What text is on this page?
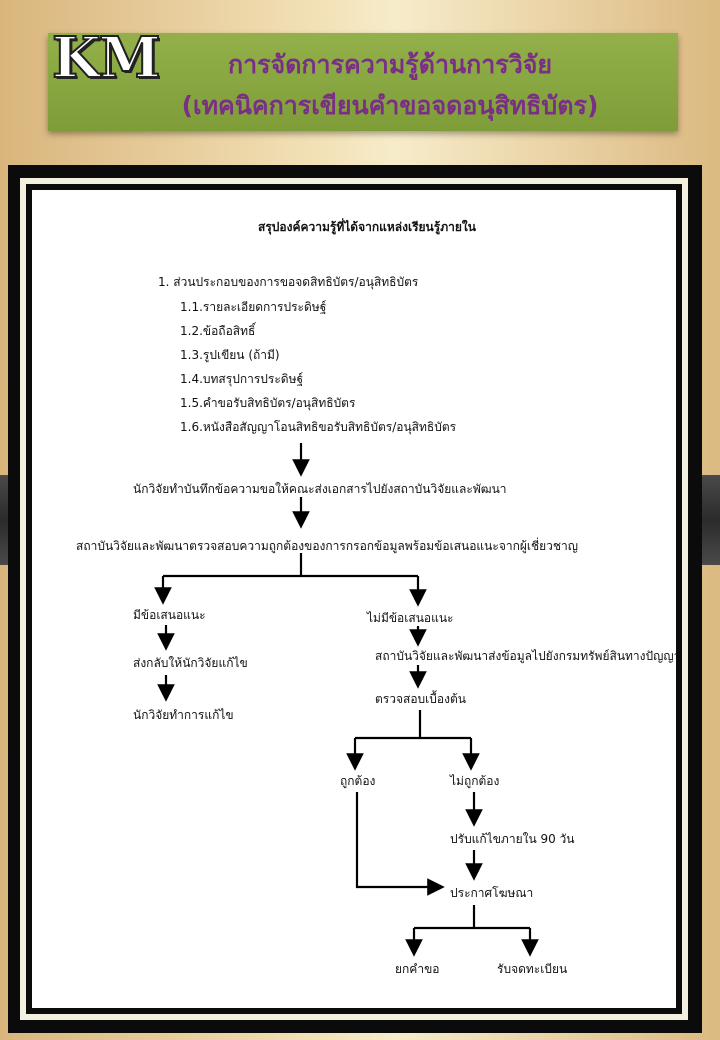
KM	การจัดการความรู้ด้านการวิจัย
(เทคนิคการเขียนคำขอจดอนุสิทธิบัตร)
สรุปองค์ความรู้ที่ได้จากแหล่งเรียนรู้ภายใน
1. ส่วนประกอบของการขอจดสิทธิบัตร/อนุสิทธิบัตร
1.1.รายละเอียดการประดิษฐ์
1.2.ข้อถือสิทธิ์
1.3.รูปเขียน (ถ้ามี)
1.4.บทสรุปการประดิษฐ์
1.5.คำขอรับสิทธิบัตร/อนุสิทธิบัตร
1.6.หนังสือสัญญาโอนสิทธิขอรับสิทธิบัตร/อนุสิทธิบัตร
นักวิจัยทำบันทึกข้อความขอให้คณะส่งเอกสารไปยังสถาบันวิจัยและพัฒนา
สถาบันวิจัยและพัฒนาตรวจสอบความถูกต้องของการกรอกข้อมูลพร้อมข้อเสนอแนะจากผู้เชี่ยวชาญ
มีข้อเสนอแนะ
ส่งกลับให้นักวิจัยแก้ไข
นักวิจัยทำการแก้ไข
ไม่มีข้อเสนอแนะ
สถาบันวิจัยและพัฒนาส่งข้อมูลไปยังกรมทรัพย์สินทางปัญญา
ตรวจสอบเบื้องต้น
ถูกต้อง	ไม่ถูกต้อง
ปรับแก้ไขภายใน 90 วัน
ประกาศโฆษณา
ยกคำขอ	รับจดทะเบียน
